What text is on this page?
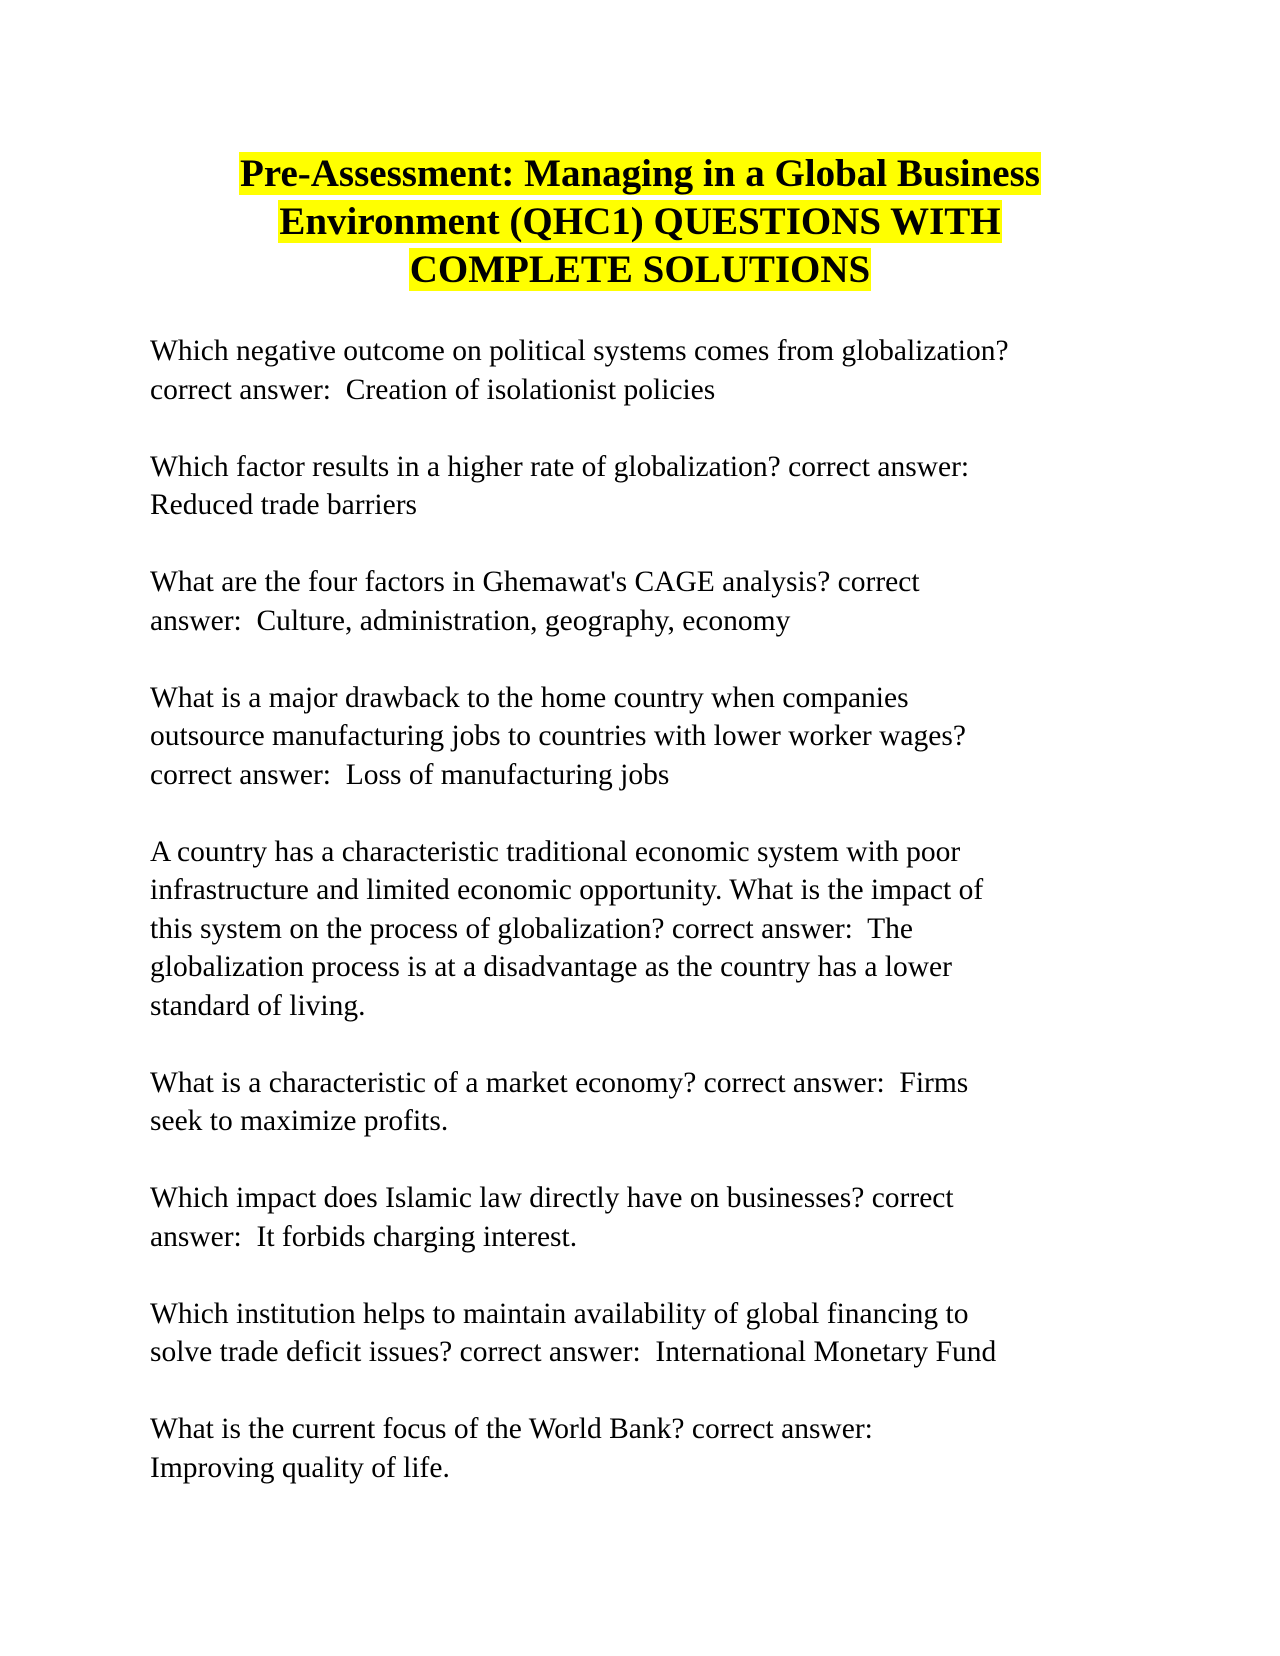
Pre-Assessment: Managing in a Global Business
Environment (QHC1) QUESTIONS WITH
COMPLETE SOLUTIONS
Which negative outcome on political systems comes from globalization?
correct answer:  Creation of isolationist policies
Which factor results in a higher rate of globalization? correct answer:
Reduced trade barriers
What are the four factors in Ghemawat's CAGE analysis? correct
answer:  Culture, administration, geography, economy
What is a major drawback to the home country when companies
outsource manufacturing jobs to countries with lower worker wages?
correct answer:  Loss of manufacturing jobs
A country has a characteristic traditional economic system with poor
infrastructure and limited economic opportunity. What is the impact of
this system on the process of globalization? correct answer:  The
globalization process is at a disadvantage as the country has a lower
standard of living.
What is a characteristic of a market economy? correct answer:  Firms
seek to maximize profits.
Which impact does Islamic law directly have on businesses? correct
answer:  It forbids charging interest.
Which institution helps to maintain availability of global financing to
solve trade deficit issues? correct answer:  International Monetary Fund
What is the current focus of the World Bank? correct answer:
Improving quality of life.
